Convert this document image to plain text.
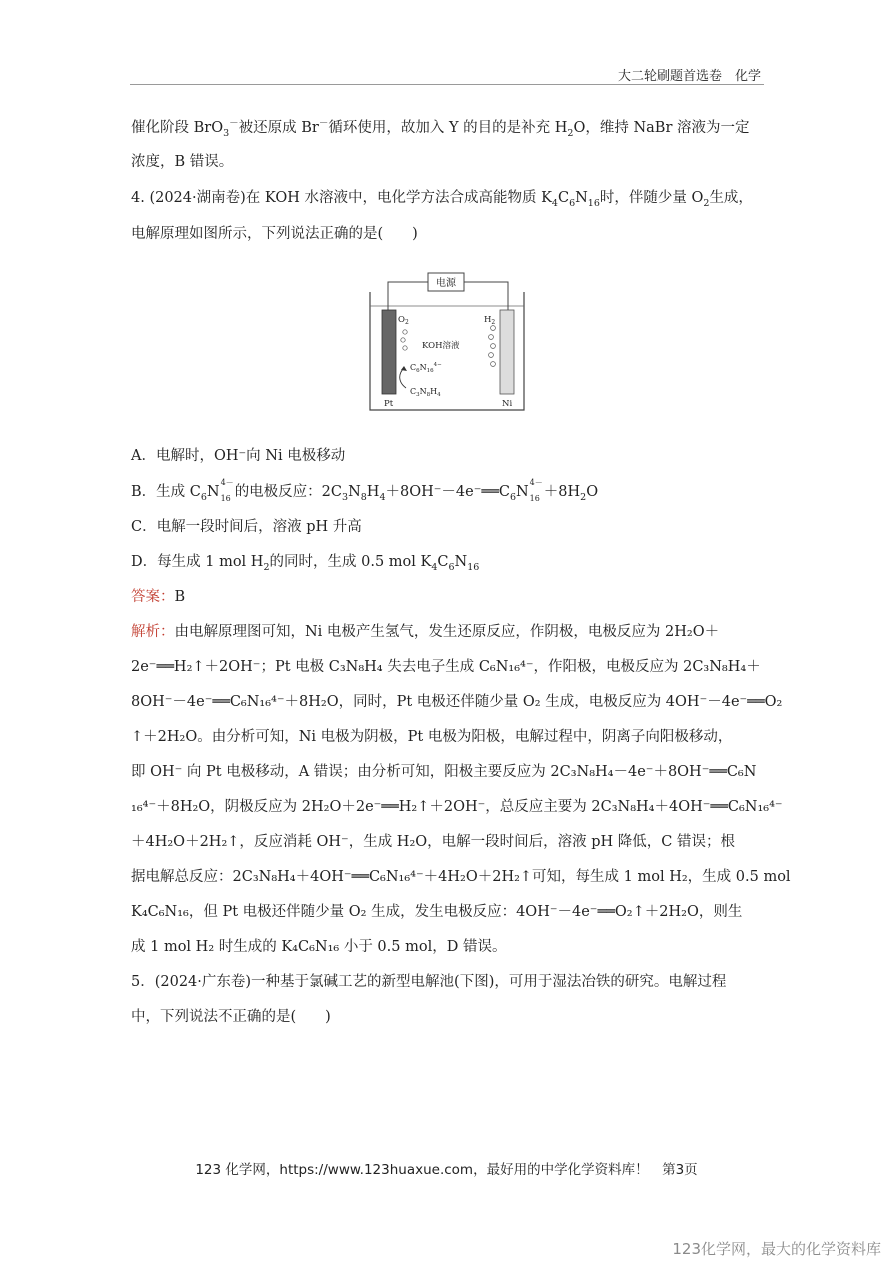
大二轮刷题首选卷　化学
催化阶段 BrO$_3$－被还原成 Br－循环使用，故加入 Y 的目的是补充 $H_2O$，维持 NaBr 溶液为一定
浓度，B 错误。
4. (2024·湖南卷)在 KOH 水溶液中，电化学方法合成高能物质 $K_4C_6N_{16}$时，伴随少量 $O_2$生成，
电解原理如图所示，下列说法正确的是(　　)
电源
$O_2$	$H_2$
KOH溶液
$C_6N_{16}^{4-}$
$C_3N_8H_4$
Pt	Ni
A．电解时，OH⁻向 Ni 电极移动
B．生成 $C_6N^{4-}$
$_{16}$ 的电极反应：$2C_3N_8H_4+8OH^--4e^-══C_6N^{4-}$
$_{16} +8H_2O$
C．电解一段时间后，溶液 pH 升高
D．每生成 1 mol $H_2$的同时，生成 0.5 mol $K_4C_6N_{16}$
答案：B
解析：由电解原理图可知，Ni 电极产生氢气，发生还原反应，作阴极，电极反应为 2H₂O＋
2e⁻══H₂↑＋2OH⁻；Pt 电极 C₃N₈H₄ 失去电子生成 C₆N₁₆⁴⁻，作阳极，电极反应为 2C₃N₈H₄＋
8OH⁻－4e⁻══C₆N₁₆⁴⁻＋8H₂O，同时，Pt 电极还伴随少量 O₂ 生成，电极反应为 4OH⁻－4e⁻══O₂
↑＋2H₂O。由分析可知，Ni 电极为阴极，Pt 电极为阳极，电解过程中，阴离子向阳极移动，
即 OH⁻ 向 Pt 电极移动，A 错误；由分析可知，阳极主要反应为 2C₃N₈H₄－4e⁻＋8OH⁻══C₆N
₁₆⁴⁻＋8H₂O，阴极反应为 2H₂O＋2e⁻══H₂↑＋2OH⁻，总反应主要为 2C₃N₈H₄＋4OH⁻══C₆N₁₆⁴⁻
＋4H₂O＋2H₂↑，反应消耗 OH⁻，生成 H₂O，电解一段时间后，溶液 pH 降低，C 错误；根
据电解总反应：2C₃N₈H₄＋4OH⁻══C₆N₁₆⁴⁻＋4H₂O＋2H₂↑可知，每生成 1 mol H₂，生成 0.5 mol
K₄C₆N₁₆，但 Pt 电极还伴随少量 O₂ 生成，发生电极反应：4OH⁻－4e⁻══O₂↑＋2H₂O，则生
成 1 mol H₂ 时生成的 K₄C₆N₁₆ 小于 0.5 mol，D 错误。
5．(2024·广东卷)一种基于氯碱工艺的新型电解池(下图)，可用于湿法冶铁的研究。电解过程
中，下列说法不正确的是(　　)
123 化学网，https://www.123huaxue.com，最好用的中学化学资料库！　第3页
123化学网，最大的化学资料库
